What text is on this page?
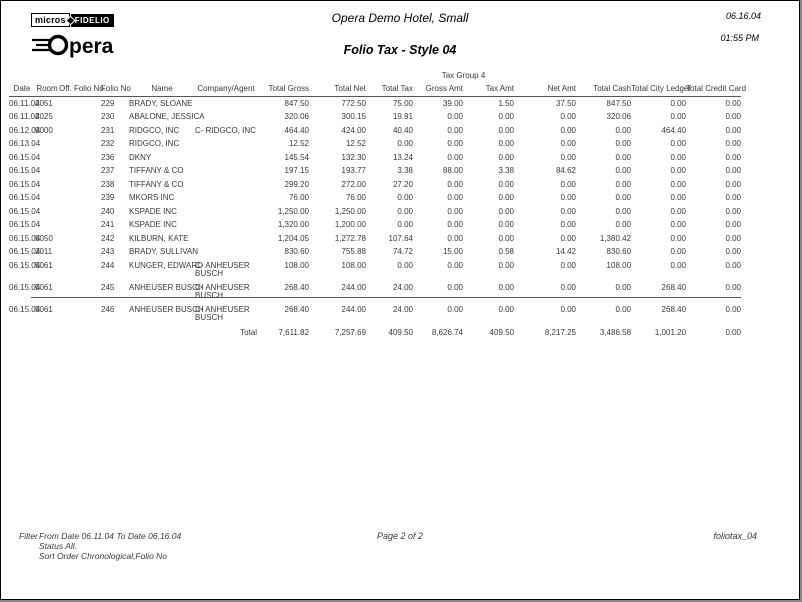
micros	FIDELIO
pera
Opera Demo Hotel, Small
Folio Tax - Style 04
06.16.04
01:55 PM
									Tax Group 4					
Date	Room	Off. Folio No.	Folio No	Name	Company/Agent	Total Gross	Total Net	Total Tax	Gross Amt	Tax Amt	Net Amt	Total Cash	Total City Ledger	Total Credit Card
06.11.04	2051		229	BRADY, SLOANE		847.50	772.50	75.00	39.00	1.50	37.50	847.50	0.00	0.00
06.11.04	2025		230	ABALONE, JESSICA		320.06	300.15	19.91	0.00	0.00	0.00	320.06	0.00	0.00
06.12.04	9000		231	RIDGCO, INC	C- RIDGCO, INC	464.40	424.00	40.40	0.00	0.00	0.00	0.00	464.40	0.00
06.13.04			232	RIDGCO, INC		12.52	12.52	0.00	0.00	0.00	0.00	0.00	0.00	0.00
06.15.04			236	DKNY		145.54	132.30	13.24	0.00	0.00	0.00	0.00	0.00	0.00
06.15.04			237	TIFFANY & CO		197.15	193.77	3.38	88.00	3.38	84.62	0.00	0.00	0.00
06.15.04			238	TIFFANY & CO		299.20	272.00	27.20	0.00	0.00	0.00	0.00	0.00	0.00
06.15.04			239	MKORS INC		76.00	76.00	0.00	0.00	0.00	0.00	0.00	0.00	0.00
06.15.04			240	KSPADE INC		1,250.00	1,250.00	0.00	0.00	0.00	0.00	0.00	0.00	0.00
06.15.04			241	KSPADE INC		1,320.00	1,200.00	0.00	0.00	0.00	0.00	0.00	0.00	0.00
06.15.04	5050		242	KILBURN, KATE		1,204.05	1,272.78	107.64	0.00	0.00	0.00	1,380.42	0.00	0.00
06.15.04	2011		243	BRADY, SULLIVAN		830.60	755.88	74.72	15.00	0.58	14.42	830.60	0.00	0.00
06.15.04	5061		244	KUNGER, EDWARD	C- ANHEUSER BUSCH	108.00	108.00	0.00	0.00	0.00	0.00	108.00	0.00	0.00
06.15.04	5061		245	ANHEUSER BUSCH	C- ANHEUSER BUSCH	268.40	244.00	24.00	0.00	0.00	0.00	0.00	268.40	0.00
06.15.04	5061		246	ANHEUSER BUSCH	C- ANHEUSER BUSCH	268.40	244.00	24.00	0.00	0.00	0.00	0.00	268.40	0.00
Total						7,611.82	7,257.69	409.50	8,626.74	409.50	8,217.25	3,486.58	1,001.20	0.00
Filter From Date 06.11.04 To Date 06.16.04
Status All.
Sort Order Chronological,Folio No
Page 2 of 2	foliotax_04
